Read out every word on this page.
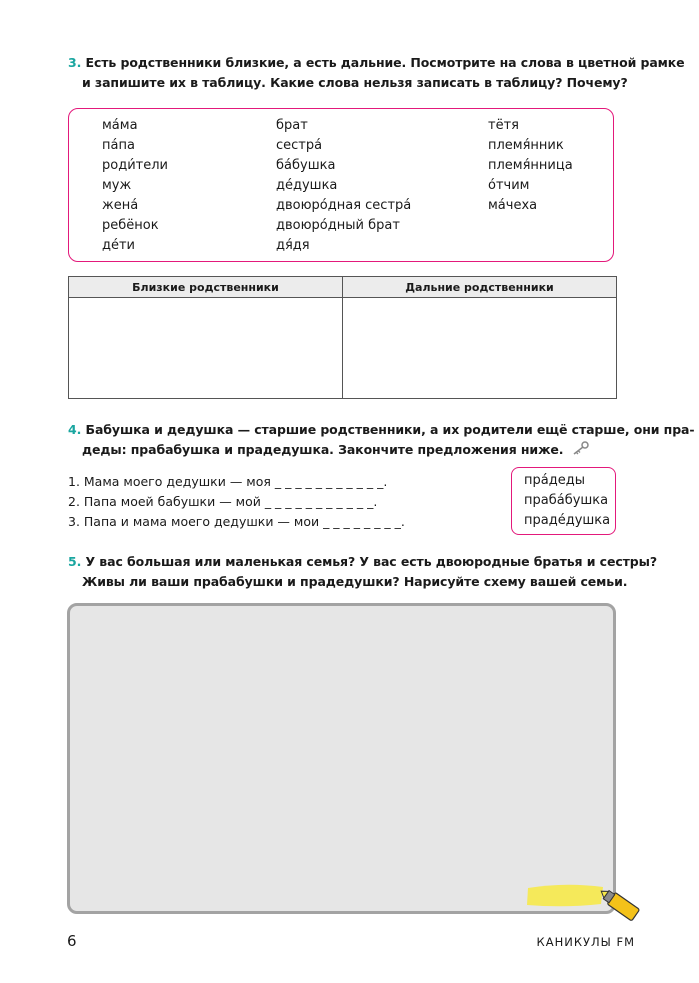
3. Есть родственники близкие, а есть дальние. Посмотрите на слова в цветной рамке
и запишите их в таблицу. Какие слова нельзя записать в таблицу? Почему?
ма́ма
па́па
роди́тели
муж
жена́
ребёнок
де́ти
брат
сестра́
ба́бушка
де́душка
двоюро́дная сестра́
двоюро́дный брат
дя́дя
тётя
племя́нник
племя́нница
о́тчим
ма́чеха
Близкие родственники	Дальние родственники

4. Бабушка и дедушка — старшие родственники, а их родители ещё старше, они пра-
деды: прабабушка и прадедушка. Закончите предложения ниже.
1. Мама моего дедушки — моя _ _ _ _ _ _ _ _ _ _ _.
2. Папа моей бабушки — мой _ _ _ _ _ _ _ _ _ _ _.
3. Папа и мама моего дедушки — мои _ _ _ _ _ _ _ _.
пра́деды
праба́бушка
праде́душка
5. У вас большая или маленькая семья? У вас есть двоюродные братья и сестры?
Живы ли ваши прабабушки и прадедушки? Нарисуйте схему вашей семьи.
6	КАНИКУЛЫ FM
